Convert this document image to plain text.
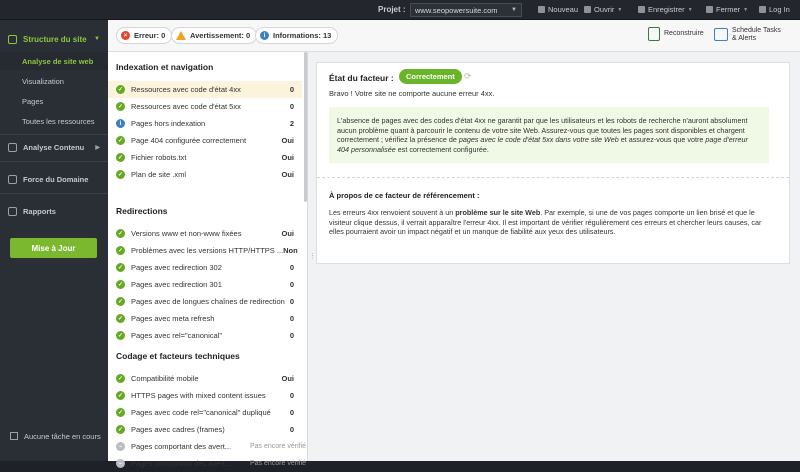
Projet :	www.seopowersuite.com ▼	Nouveau Ouvrir ▼	Enregistrer ▼	Fermer ▼	Log In
Structure du site ▼
Analyse de site web
Visualization
Pages
Toutes les ressources
Analyse Contenu ▶
Force du Domaine
Rapports
Mise à Jour
Aucune tâche en cours
× Erreur: 0	Avertissement: 0	i	Informations: 13	Reconstruire	Schedule Tasks
& Alerts
Indexation et navigation
✓ Ressources avec code d'état 4xx	0
✓ Ressources avec code d'état 5xx	0
i	Pages hors indexation	2
✓ Page 404 configurée correctement	Oui
✓ Fichier robots.txt	Oui
✓ Plan de site .xml	Oui
Redirections
✓ Versions www et non-www fixées	Oui
✓ Problèmes avec les versions HTTP/HTTPS ... Non
✓ Pages avec redirection 302	0
✓ Pages avec redirection 301	0
✓ Pages avec de longues chaînes de redirection 0
✓ Pages avec meta refresh	0
✓ Pages avec rel="canonical"	0
Codage et facteurs techniques
✓ Compatibilité mobile	Oui
✓ HTTPS pages with mixed content issues	0
✓ Pages avec code rel="canonical" dupliqué	0
✓ Pages avec cadres (frames)	0
–	Pages comportant des avert...	Pas encore vérifié
–	Pages comportant des avert...	Pas encore vérifié
⋮
État du facteur :	Correctement	⟳
Bravo ! Votre site ne comporte aucune erreur 4xx.
L'absence de pages avec des codes d'état 4xx ne garantit par que les utilisateurs et les robots de recherche n'auront absolument aucun problème quant à parcourir le contenu de votre site Web. Assurez-vous que toutes les pages sont disponibles et chargent correctement ; vérifiez la présence de pages avec le code d'état 5xx dans votre site Web et assurez-vous que votre page d'erreur 404 personnalisée est correctement configurée.
À propos de ce facteur de référencement :
Les erreurs 4xx renvoient souvent à un problème sur le site Web. Par exemple, si une de vos pages comporte un lien brisé et que le visiteur clique dessus, il verrait apparaître l'erreur 4xx. Il est important de vérifier régulièrement ces erreurs et chercher leurs causes, car elles pourraient avoir un impact négatif et un manque de fiabilité aux yeux des utilisateurs.
